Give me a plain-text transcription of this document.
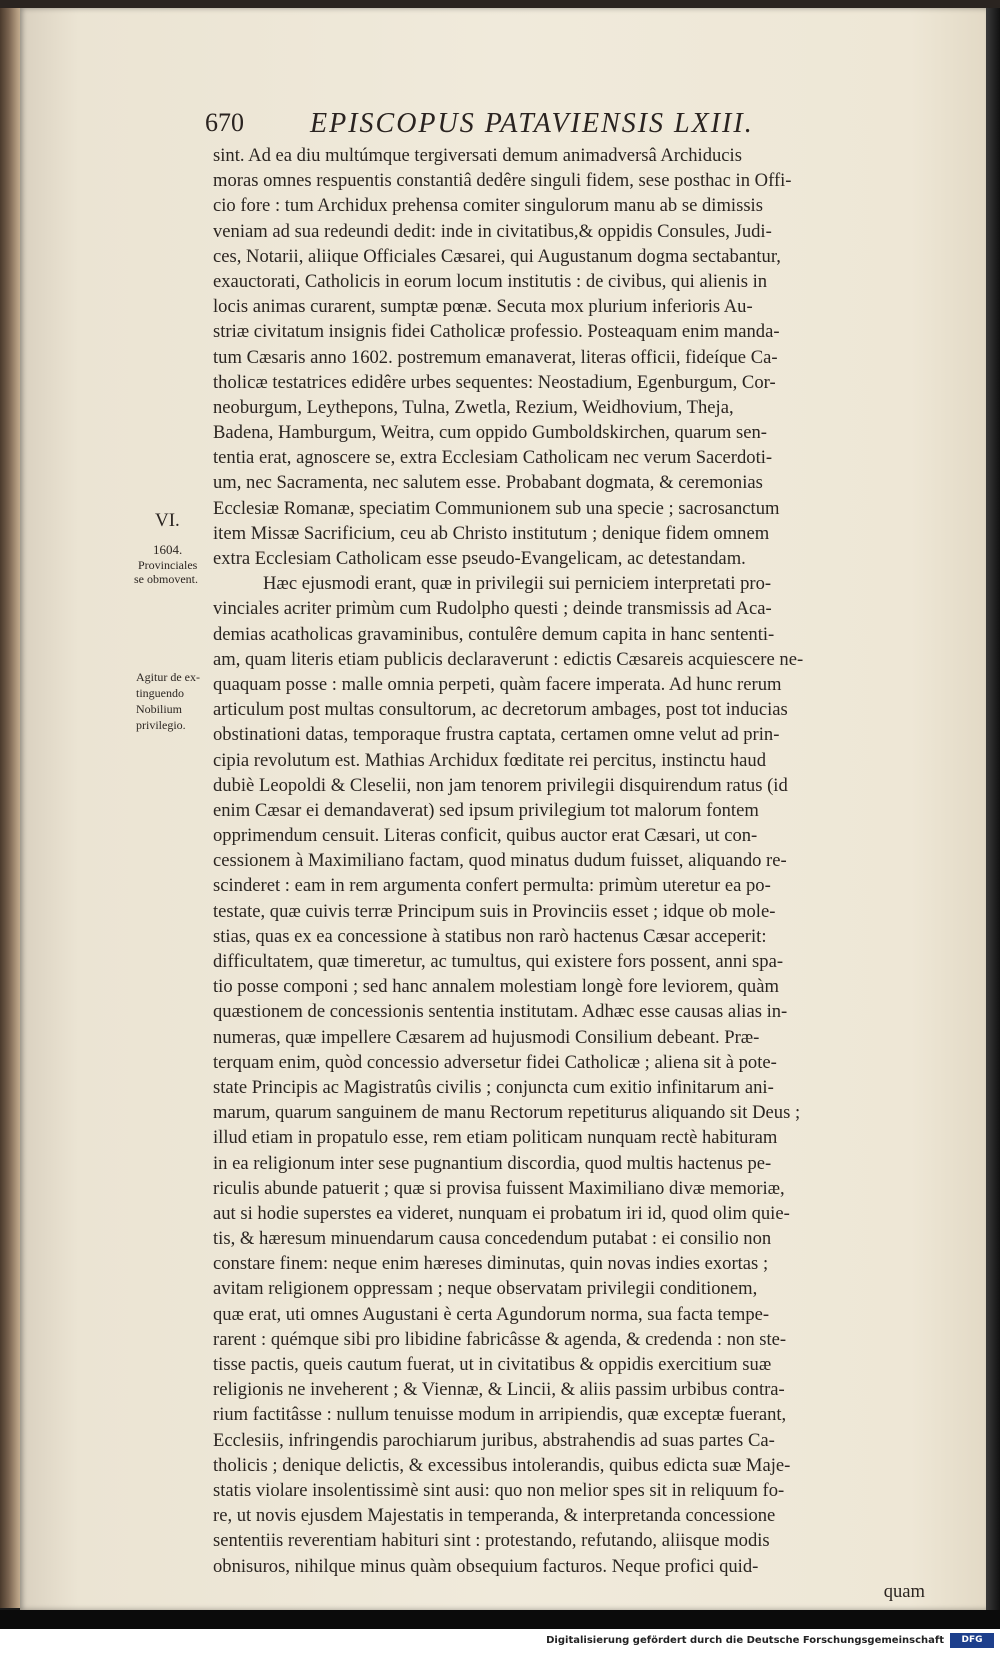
670 EPISCOPUS PATAVIENSIS LXIII.
VI.
1604.
Provinciales
se obmovent.
Agitur de ex-
tinguendo
Nobilium
privilegio.
sint. Ad ea diu multúmque tergiversati demum animadversâ Archiducis
moras omnes respuentis constantiâ dedêre singuli fidem, sese posthac in Offi-
cio fore : tum Archidux prehensa comiter singulorum manu ab se dimissis
veniam ad sua redeundi dedit: inde in civitatibus,& oppidis Consules, Judi-
ces, Notarii, aliique Officiales Cæsarei, qui Augustanum dogma sectabantur,
exauctorati, Catholicis in eorum locum institutis : de civibus, qui alienis in
locis animas curarent, sumptæ pœnæ. Secuta mox plurium inferioris Au-
striæ civitatum insignis fidei Catholicæ professio. Posteaquam enim manda-
tum Cæsaris anno 1602. postremum emanaverat, literas officii, fideíque Ca-
tholicæ testatrices edidêre urbes sequentes: Neostadium, Egenburgum, Cor-
neoburgum, Leythepons, Tulna, Zwetla, Rezium, Weidhovium, Theja,
Badena, Hamburgum, Weitra, cum oppido Gumboldskirchen, quarum sen-
tentia erat, agnoscere se, extra Ecclesiam Catholicam nec verum Sacerdoti-
um, nec Sacramenta, nec salutem esse. Probabant dogmata, & ceremonias
Ecclesiæ Romanæ, speciatim Communionem sub una specie ; sacrosanctum
item Missæ Sacrificium, ceu ab Christo institutum ; denique fidem omnem
extra Ecclesiam Catholicam esse pseudo-Evangelicam, ac detestandam.
Hæc ejusmodi erant, quæ in privilegii sui perniciem interpretati pro-
vinciales acriter primùm cum Rudolpho questi ; deinde transmissis ad Aca-
demias acatholicas gravaminibus, contulêre demum capita in hanc sententi-
am, quam literis etiam publicis declaraverunt : edictis Cæsareis acquiescere ne-
quaquam posse : malle omnia perpeti, quàm facere imperata. Ad hunc rerum
articulum post multas consultorum, ac decretorum ambages, post tot inducias
obstinationi datas, temporaque frustra captata, certamen omne velut ad prin-
cipia revolutum est. Mathias Archidux fœditate rei percitus, instinctu haud
dubiè Leopoldi & Cleselii, non jam tenorem privilegii disquirendum ratus (id
enim Cæsar ei demandaverat) sed ipsum privilegium tot malorum fontem
opprimendum censuit. Literas conficit, quibus auctor erat Cæsari, ut con-
cessionem à Maximiliano factam, quod minatus dudum fuisset, aliquando re-
scinderet : eam in rem argumenta confert permulta: primùm uteretur ea po-
testate, quæ cuivis terræ Principum suis in Provinciis esset ; idque ob mole-
stias, quas ex ea concessione à statibus non rarò hactenus Cæsar acceperit:
difficultatem, quæ timeretur, ac tumultus, qui existere fors possent, anni spa-
tio posse componi ; sed hanc annalem molestiam longè fore leviorem, quàm
quæstionem de concessionis sententia institutam. Adhæc esse causas alias in-
numeras, quæ impellere Cæsarem ad hujusmodi Consilium debeant. Præ-
terquam enim, quòd concessio adversetur fidei Catholicæ ; aliena sit à pote-
state Principis ac Magistratûs civilis ; conjuncta cum exitio infinitarum ani-
marum, quarum sanguinem de manu Rectorum repetiturus aliquando sit Deus ;
illud etiam in propatulo esse, rem etiam politicam nunquam rectè habituram
in ea religionum inter sese pugnantium discordia, quod multis hactenus pe-
riculis abunde patuerit ; quæ si provisa fuissent Maximiliano divæ memoriæ,
aut si hodie superstes ea videret, nunquam ei probatum iri id, quod olim quie-
tis, & hæresum minuendarum causa concedendum putabat : ei consilio non
constare finem: neque enim hæreses diminutas, quin novas indies exortas ;
avitam religionem oppressam ; neque observatam privilegii conditionem,
quæ erat, uti omnes Augustani è certa Agundorum norma, sua facta tempe-
rarent : quémque sibi pro libidine fabricâsse & agenda, & credenda : non ste-
tisse pactis, queis cautum fuerat, ut in civitatibus & oppidis exercitium suæ
religionis ne inveherent ; & Viennæ, & Lincii, & aliis passim urbibus contra-
rium factitâsse : nullum tenuisse modum in arripiendis, quæ exceptæ fuerant,
Ecclesiis, infringendis parochiarum juribus, abstrahendis ad suas partes Ca-
tholicis ; denique delictis, & excessibus intolerandis, quibus edicta suæ Maje-
statis violare insolentissimè sint ausi: quo non melior spes sit in reliquum fo-
re, ut novis ejusdem Majestatis in temperanda, & interpretanda concessione
sententiis reverentiam habituri sint : protestando, refutando, aliisque modis
obnisuros, nihilque minus quàm obsequium facturos. Neque profici quid-
quam
Digitalisierung gefördert durch die Deutsche Forschungsgemeinschaft	DFG
